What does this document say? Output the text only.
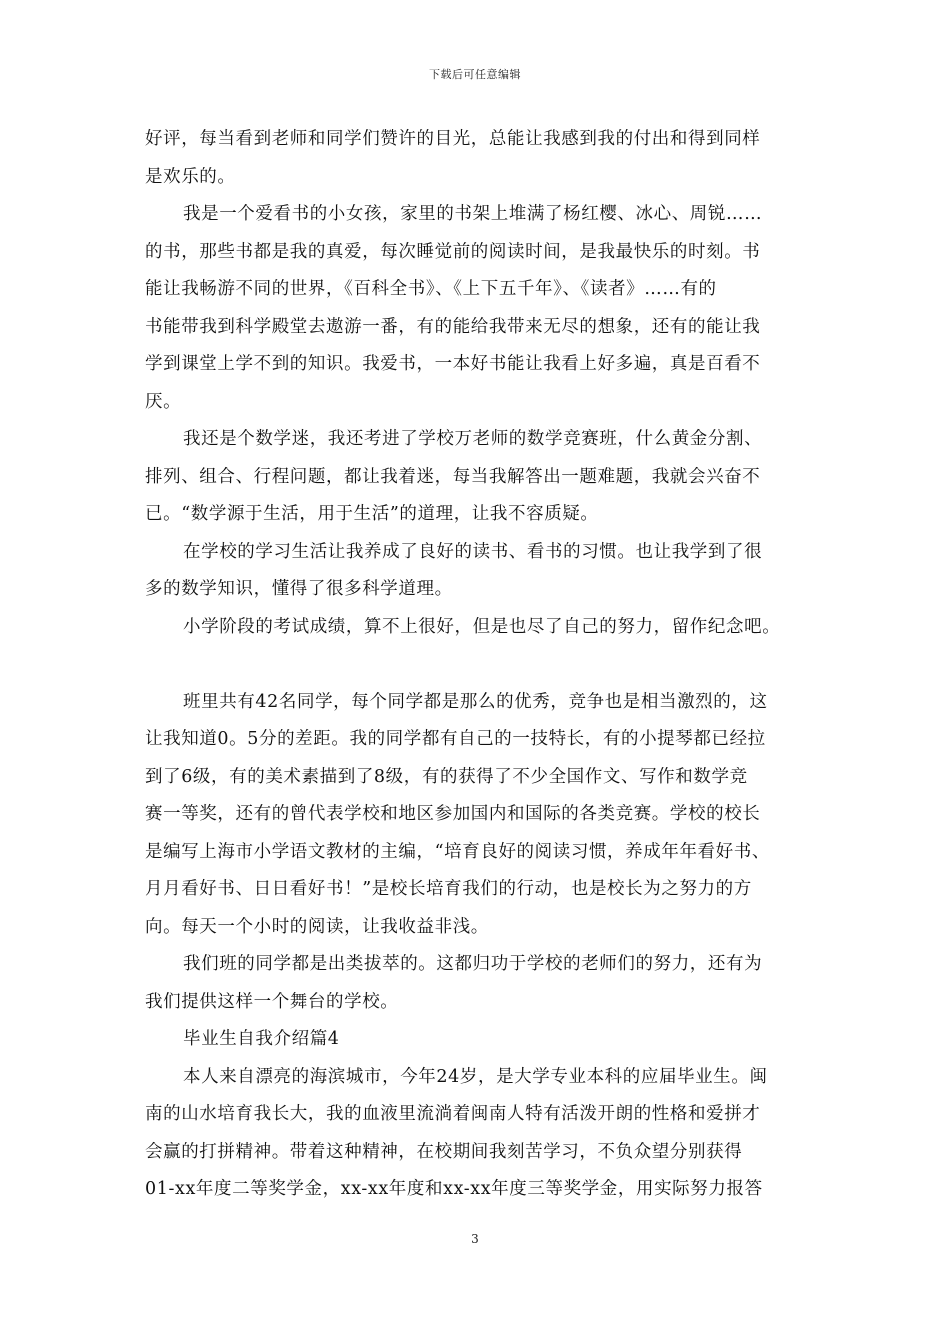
下载后可任意编辑
好评，每当看到老师和同学们赞许的目光，总能让我感到我的付出和得到同样
是欢乐的。
我是一个爱看书的小女孩，家里的书架上堆满了杨红樱、冰心、周锐……
的书，那些书都是我的真爱，每次睡觉前的阅读时间，是我最快乐的时刻。书
能让我畅游不同的世界，《百科全书》、《上下五千年》、《读者》……有的
书能带我到科学殿堂去遨游一番，有的能给我带来无尽的想象，还有的能让我
学到课堂上学不到的知识。我爱书，一本好书能让我看上好多遍，真是百看不
厌。
我还是个数学迷，我还考进了学校万老师的数学竞赛班，什么黄金分割、
排列、组合、行程问题，都让我着迷，每当我解答出一题难题，我就会兴奋不
已。“数学源于生活，用于生活”的道理，让我不容质疑。
在学校的学习生活让我养成了良好的读书、看书的习惯。也让我学到了很
多的数学知识，懂得了很多科学道理。
小学阶段的考试成绩，算不上很好，但是也尽了自己的努力，留作纪念吧。
班里共有42名同学，每个同学都是那么的优秀，竞争也是相当激烈的，这
让我知道0。5分的差距。我的同学都有自己的一技特长，有的小提琴都已经拉
到了6级，有的美术素描到了8级，有的获得了不少全国作文、写作和数学竞
赛一等奖，还有的曾代表学校和地区参加国内和国际的各类竞赛。学校的校长
是编写上海市小学语文教材的主编，“培育良好的阅读习惯，养成年年看好书、
月月看好书、日日看好书！”是校长培育我们的行动，也是校长为之努力的方
向。每天一个小时的阅读，让我收益非浅。
我们班的同学都是出类拔萃的。这都归功于学校的老师们的努力，还有为
我们提供这样一个舞台的学校。
毕业生自我介绍篇4
本人来自漂亮的海滨城市，今年24岁，是大学专业本科的应届毕业生。闽
南的山水培育我长大，我的血液里流淌着闽南人特有活泼开朗的性格和爱拼才
会赢的打拼精神。带着这种精神，在校期间我刻苦学习，不负众望分别获得
01-xx年度二等奖学金，xx-xx年度和xx-xx年度三等奖学金，用实际努力报答
3
